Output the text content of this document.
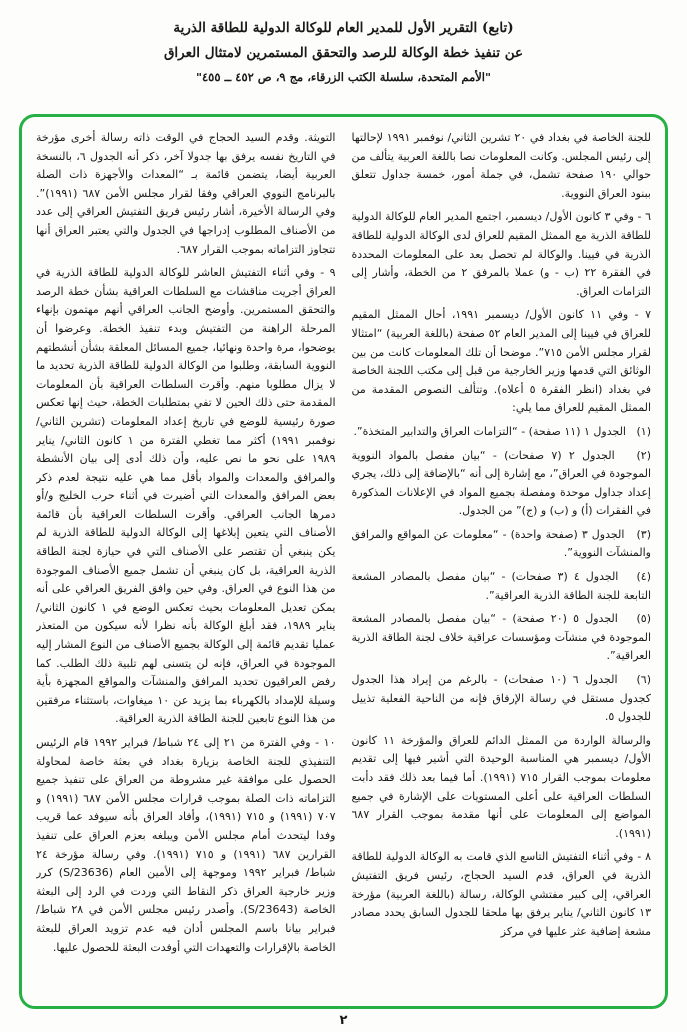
(تابع) التقرير الأول للمدير العام للوكالة الدولية للطاقة الذرية
عن تنفيذ خطة الوكالة للرصد والتحقق المستمرين لامتثال العراق
"الأمم المتحدة، سلسلة الكتب الزرقاء، مج ٩، ص ٤٥٢ ــ ٤٥٥"

للجنة الخاصة في بغداد في ٢٠ تشرين الثاني/ نوفمبر ١٩٩١ لإحالتها إلى رئيس المجلس. وكانت المعلومات نصا باللغة العربية يتألف من حوالي ١٩٠ صفحة تشمل، في جملة أمور، خمسة جداول تتعلق ببنود العراق النووية.

٦ - وفي ٣ كانون الأول/ ديسمبر، اجتمع المدير العام للوكالة الدولية للطاقة الذرية مع الممثل المقيم للعراق لدى الوكالة الدولية للطاقة الذرية في فيينا. والوكالة لم تحصل بعد على المعلومات المحددة في الفقرة ٢٢ (ب - و) عملا بالمرفق ٢ من الخطة، وأشار إلى التزامات العراق.

٧ - وفي ١١ كانون الأول/ ديسمبر ١٩٩١، أحال الممثل المقيم للعراق في فيينا إلى المدير العام ٥٢ صفحة (باللغة العربية) “امتثالا لقرار مجلس الأمن ٧١٥”. موضحا أن تلك المعلومات كانت من بين الوثائق التي قدمها وزير الخارجية من قبل إلى مكتب اللجنة الخاصة في بغداد (انظر الفقرة ٥ أعلاه). وتتألف النصوص المقدمة من الممثل المقيم للعراق مما يلي:

(١)   الجدول ١ (١١ صفحة) - “التزامات العراق والتدابير المتخذة”.

(٢)   الجدول ٢ (٧ صفحات) - “بيان مفصل بالمواد النووية الموجودة في العراق”، مع إشارة إلى أنه “بالإضافة إلى ذلك، يجري إعداد جداول موحدة ومفصلة بجميع المواد في الإعلانات المذكورة في الفقرات (أ) و (ب) و (ج)” من الجدول.

(٣)   الجدول ٣ (صفحة واحدة) - “معلومات عن المواقع والمرافق والمنشآت النووية”.

(٤)   الجدول ٤ (٣ صفحات) - “بيان مفصل بالمصادر المشعة التابعة للجنة الطاقة الذرية العراقية”.

(٥)   الجدول ٥ (٢٠ صفحة) - “بيان مفصل بالمصادر المشعة الموجودة في منشآت ومؤسسات عراقية خلاف لجنة الطاقة الذرية العراقية”.

(٦)   الجدول ٦ (١٠ صفحات) - بالرغم من إيراد هذا الجدول كجدول مستقل في رسالة الإرفاق فإنه من الناحية الفعلية تذييل للجدول ٥.

والرسالة الواردة من الممثل الدائم للعراق والمؤرخة ١١ كانون الأول/ ديسمبر هي المناسبة الوحيدة التي أشير فيها إلى تقديم معلومات بموجب القرار ٧١٥ (١٩٩١). أما فيما بعد ذلك فقد دأبت السلطات العراقية على أعلى المستويات على الإشارة في جميع المواضع إلى المعلومات على أنها مقدمة بموجب القرار ٦٨٧ (١٩٩١).

٨ - وفي أثناء التفتيش التاسع الذي قامت به الوكالة الدولية للطاقة الذرية في العراق، قدم السيد الحجاج، رئيس فريق التفتيش العراقي، إلى كبير مفتشي الوكالة، رسالة (باللغة العربية) مؤرخة ١٣ كانون الثاني/ يناير يرفق بها ملحقا للجدول السابق يحدد مصادر مشعة إضافية عثر عليها في مركز

التويثة. وقدم السيد الحجاج في الوقت ذاته رسالة أخرى مؤرخة في التاريخ نفسه يرفق بها جدولا آخر، ذكر أنه الجدول ٦، بالنسخة العربية أيضا، يتضمن قائمة بـ “المعدات والأجهزة ذات الصلة بالبرنامج النووي العراقي وفقا لقرار مجلس الأمن ٦٨٧ (١٩٩١)”. وفي الرسالة الأخيرة، أشار رئيس فريق التفتيش العراقي إلى عدد من الأصناف المطلوب إدراجها في الجدول والتي يعتبر العراق أنها تتجاوز التزاماته بموجب القرار ٦٨٧.

٩ - وفي أثناء التفتيش العاشر للوكالة الدولية للطاقة الذرية في العراق أجريت مناقشات مع السلطات العراقية بشأن خطة الرصد والتحقق المستمرين. وأوضح الجانب العراقي أنهم مهتمون بإنهاء المرحلة الراهنة من التفتيش وبدء تنفيذ الخطة. وعرضوا أن يوضحوا، مرة واحدة ونهائيا، جميع المسائل المعلقة بشأن أنشطتهم النووية السابقة، وطلبوا من الوكالة الدولية للطاقة الذرية تحديد ما لا يزال مطلوبا منهم. وأقرت السلطات العراقية بأن المعلومات المقدمة حتى ذلك الحين لا تفي بمتطلبات الخطة، حيث إنها تعكس صورة رئيسية للوضع في تاريخ إعداد المعلومات (تشرين الثاني/ نوفمبر ١٩٩١) أكثر مما تغطي الفترة من ١ كانون الثاني/ يناير ١٩٨٩ على نحو ما نص عليه، وأن ذلك أدى إلى بيان الأنشطة والمرافق والمعدات والمواد بأقل مما هي عليه نتيجة لعدم ذكر بعض المرافق والمعدات التي أضيرت في أثناء حرب الخليج و/أو دمرها الجانب العراقي. وأقرت السلطات العراقية بأن قائمة الأصناف التي يتعين إبلاغها إلى الوكالة الدولية للطاقة الذرية لم يكن ينبغي أن تقتصر على الأصناف التي في حيازة لجنة الطاقة الذرية العراقية، بل كان ينبغي أن تشمل جميع الأصناف الموجودة من هذا النوع في العراق. وفي حين وافق الفريق العراقي على أنه يمكن تعديل المعلومات بحيث تعكس الوضع في ١ كانون الثاني/ يناير ١٩٨٩، فقد أبلغ الوكالة بأنه نظرا لأنه سيكون من المتعذر عمليا تقديم قائمة إلى الوكالة بجميع الأصناف من النوع المشار إليه الموجودة في العراق، فإنه لن يتسنى لهم تلبية ذلك الطلب. كما رفض العراقيون تحديد المرافق والمنشآت والمواقع المجهزة بأية وسيلة للإمداد بالكهرباء بما يزيد عن ١٠ ميغاوات، باستثناء مرفقين من هذا النوع تابعين للجنة الطاقة الذرية العراقية.

١٠ - وفي الفترة من ٢١ إلى ٢٤ شباط/ فبراير ١٩٩٢ قام الرئيس التنفيذي للجنة الخاصة بزيارة بغداد في بعثة خاصة لمحاولة الحصول على موافقة غير مشروطة من العراق على تنفيذ جميع التزاماته ذات الصلة بموجب قرارات مجلس الأمن ٦٨٧ (١٩٩١) و ٧٠٧ (١٩٩١) و ٧١٥ (١٩٩١)، وأفاد العراق بأنه سيوفد عما قريب وفدا ليتحدث أمام مجلس الأمن ويبلغه بعزم العراق على تنفيذ القرارين ٦٨٧ (١٩٩١) و ٧١٥ (١٩٩١). وفي رسالة مؤرخة ٢٤ شباط/ فبراير ١٩٩٢ وموجهة إلى الأمين العام (S/23636) كرر وزير خارجية العراق ذكر النقاط التي وردت في الرد إلى البعثة الخاصة (S/23643). وأصدر رئيس مجلس الأمن في ٢٨ شباط/ فبراير بيانا باسم المجلس أدان فيه عدم تزويد العراق للبعثة الخاصة بالإقرارات والتعهدات التي أوفدت البعثة للحصول عليها.

٢
